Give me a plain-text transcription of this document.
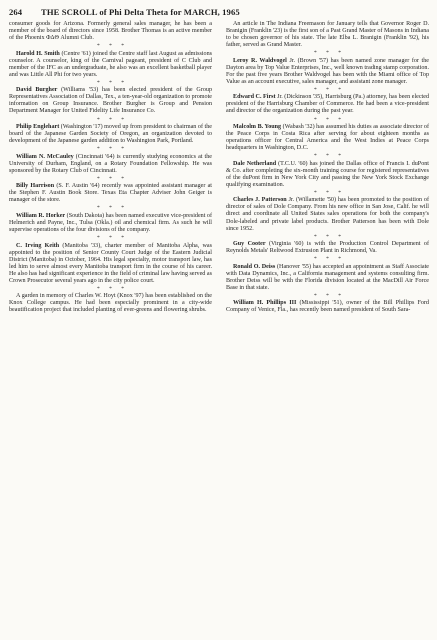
264	THE SCROLL of Phi Delta Theta for MARCH, 1965

consumer goods for Arizona. Formerly general sales manager, he has been a member of the board of directors since 1958. Brother Thomas is an active member of the Phoenix ΦΔΘ Alumni Club.

* * *

Harold H. Smith (Centre '61) joined the Centre staff last August as admissions counselor. A counselor, king of the Carnival pageant, president of C Club and member of the IFC as an undergraduate, he also was an excellent basketball player and was Little All Phi for two years.

* * *

David Burgher (Williams '53) has been elected president of the Group Representatives Association of Dallas, Tex., a ten-year-old organization to promote information on Group Insurance. Brother Burgher is Group and Pension Department Manager for United Fidelity Life Insurance Co.

* * *

Philip Englehart (Washington '17) moved up from president to chairman of the board of the Japanese Garden Society of Oregon, an organization devoted to development of the Japanese garden addition to Washington Park, Portland.

* * *

William N. McCauley (Cincinnati '64) is currently studying economics at the University of Durham, England, on a Rotary Foundation Fellowship. He was sponsored by the Rotary Club of Cincinnati.

* * *

Billy Harrison (S. F. Austin '64) recently was appointed assistant manager at the Stephen F. Austin Book Store. Texas Eta Chapter Adviser John Geiger is manager of the store.

* * *

William R. Horker (South Dakota) has been named executive vice-president of Helmerich and Payne, Inc., Tulsa (Okla.) oil and chemical firm. As such he will supervise operations of the four divisions of the company.

* * *

C. Irving Keith (Manitoba '33), charter member of Manitoba Alpha, was appointed to the position of Senior County Court Judge of the Eastern Judicial District (Manitoba) in October, 1964. His legal specialty, motor transport law, has led him to serve almost every Manitoba transport firm in the course of his career. He also has had significant experience in the field of criminal law having served as Crown Prosecutor several years ago in the city police court.

* * *

A garden in memory of Charles W. Hoyt (Knox '97) has been established on the Knox College campus. He had been especially prominent in a city-wide beautification project that included planting of ever-greens and flowering shrubs.

An article in The Indiana Freemason for January tells that Governor Roger D. Branigin (Franklin '23) is the first son of a Past Grand Master of Masons in Indiana to be chosen governor of his state. The late Elba L. Branigin (Franklin '92), his father, served as Grand Master.

* * *

Leroy R. Waldvogel Jr. (Brown '57) has been named zone manager for the Dayton area by Top Value Enterprises, Inc., well known trading stamp corporation. For the past five years Brother Waldvogel has been with the Miami office of Top Value as an account executive, sales manager, and assistant zone manager.

* * *

Edward C. First Jr. (Dickinson '35), Harrisburg (Pa.) attorney, has been elected president of the Harrisburg Chamber of Commerce. He had been a vice-president and director of the organization during the past year.

* * *

Malcolm B. Young (Wabash '32) has assumed his duties as associate director of the Peace Corps in Costa Rica after serving for about eighteen months as operations officer for Central America and the West Indies at Peace Corps headquarters in Washington, D.C.

* * *

Dale Netherland (T.C.U. '60) has joined the Dallas office of Francis I. duPont & Co. after completing the six-month training course for registered representatives of the duPont firm in New York City and passing the New York Stock Exchange qualifying examination.

* * *

Charles J. Patterson Jr. (Willamette '50) has been promoted to the position of director of sales of Dole Company. From his new office in San Jose, Calif. he will direct and coordinate all United States sales operations for both the company's Dole-labeled and private label products. Brother Patterson has been with Dole since 1952.

* * *

Guy Cooter (Virginia '60) is with the Production Control Department of Reynolds Metals' Reltwood Extrusion Plant in Richmond, Va.

* * *

Ronald O. Deiss (Hanover '55) has accepted an appointment as Staff Associate with Data Dynamics, Inc., a California management and systems consulting firm. Brother Deiss will be with the Florida division located at the MacDill Air Force Base in that state.

* * *

William H. Phillips III (Mississippi '51), owner of the Bill Phillips Ford Company of Venice, Fla., has recently been named president of South Sara-
